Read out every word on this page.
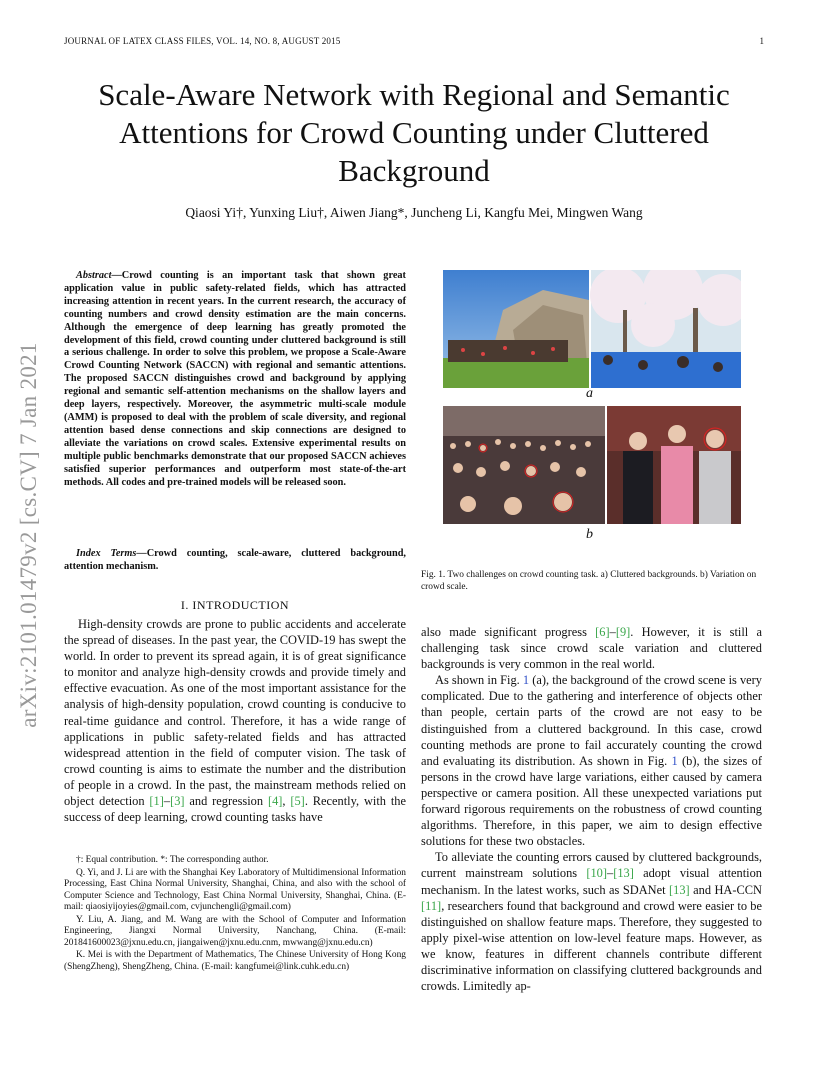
JOURNAL OF LATEX CLASS FILES, VOL. 14, NO. 8, AUGUST 2015	1
Scale-Aware Network with Regional and Semantic Attentions for Crowd Counting under Cluttered Background
Qiaosi Yi†, Yunxing Liu†, Aiwen Jiang*, Juncheng Li, Kangfu Mei, Mingwen Wang
arXiv:2101.01479v2 [cs.CV] 7 Jan 2021
Abstract—Crowd counting is an important task that shown great application value in public safety-related fields, which has attracted increasing attention in recent years. In the current research, the accuracy of counting numbers and crowd density estimation are the main concerns. Although the emergence of deep learning has greatly promoted the development of this field, crowd counting under cluttered background is still a serious challenge. In order to solve this problem, we propose a Scale-Aware Crowd Counting Network (SACCN) with regional and semantic attentions. The proposed SACCN distinguishes crowd and background by applying regional and semantic self-attention mechanisms on the shallow layers and deep layers, respectively. Moreover, the asymmetric multi-scale module (AMM) is proposed to deal with the problem of scale diversity, and regional attention based dense connections and skip connections are designed to alleviate the variations on crowd scales. Extensive experimental results on multiple public benchmarks demonstrate that our proposed SACCN achieves satisfied superior performances and outperform most state-of-the-art methods. All codes and pre-trained models will be released soon.
Index Terms—Crowd counting, scale-aware, cluttered background, attention mechanism.
I. INTRODUCTION

High-density crowds are prone to public accidents and accelerate the spread of diseases. In the past year, the COVID-19 has swept the world. In order to prevent its spread again, it is of great significance to monitor and analyze high-density crowds and provide timely and effective evacuation. As one of the most important assistance for the analysis of high-density population, crowd counting is conducive to real-time guidance and control. Therefore, it has a wide range of applications in public safety-related fields and has attracted widespread attention in the field of computer vision. The task of crowd counting is aims to estimate the number and the distribution of people in a crowd. In the past, the mainstream methods relied on object detection [1]–[3] and regression [4], [5]. Recently, with the success of deep learning, crowd counting tasks have

†: Equal contribution. *: The corresponding author.

Q. Yi, and J. Li are with the Shanghai Key Laboratory of Multidimensional Information Processing, East China Normal University, Shanghai, China, and also with the school of Computer Science and Technology, East China Normal University, Shanghai, China. (E-mail: qiaosiyijoyies@gmail.com, cvjunchengli@gmail.com)

Y. Liu, A. Jiang, and M. Wang are with the School of Computer and Information Engineering, Jiangxi Normal University, Nanchang, China. (E-mail: 201841600023@jxnu.edu.cn, jiangaiwen@jxnu.edu.cnm, mwwang@jxnu.edu.cn)

K. Mei is with the Department of Mathematics, The Chinese University of Hong Kong (ShengZheng), ShengZheng, China. (E-mail: kangfumei@link.cuhk.edu.cn)

a
b
Fig. 1. Two challenges on crowd counting task. a) Cluttered backgrounds. b) Variation on crowd scale.

also made significant progress [6]–[9]. However, it is still a challenging task since crowd scale variation and cluttered backgrounds is very common in the real world.

As shown in Fig. 1 (a), the background of the crowd scene is very complicated. Due to the gathering and interference of objects other than people, certain parts of the crowd are not easy to be distinguished from a cluttered background. In this case, crowd counting methods are prone to fail accurately counting the crowd and evaluating its distribution. As shown in Fig. 1 (b), the sizes of persons in the crowd have large variations, either caused by camera perspective or camera position. All these unexpected variations put forward rigorous requirements on the robustness of crowd counting algorithms. Therefore, in this paper, we aim to design effective solutions for these two obstacles.

To alleviate the counting errors caused by cluttered backgrounds, current mainstream solutions [10]–[13] adopt visual attention mechanism. In the latest works, such as SDANet [13] and HA-CCN [11], researchers found that background and crowd were easier to be distinguished on shallow feature maps. Therefore, they suggested to apply pixel-wise attention on low-level feature maps. However, as we know, features in different channels contribute different discriminative information on classifying cluttered backgrounds and crowds. Limitedly ap-
